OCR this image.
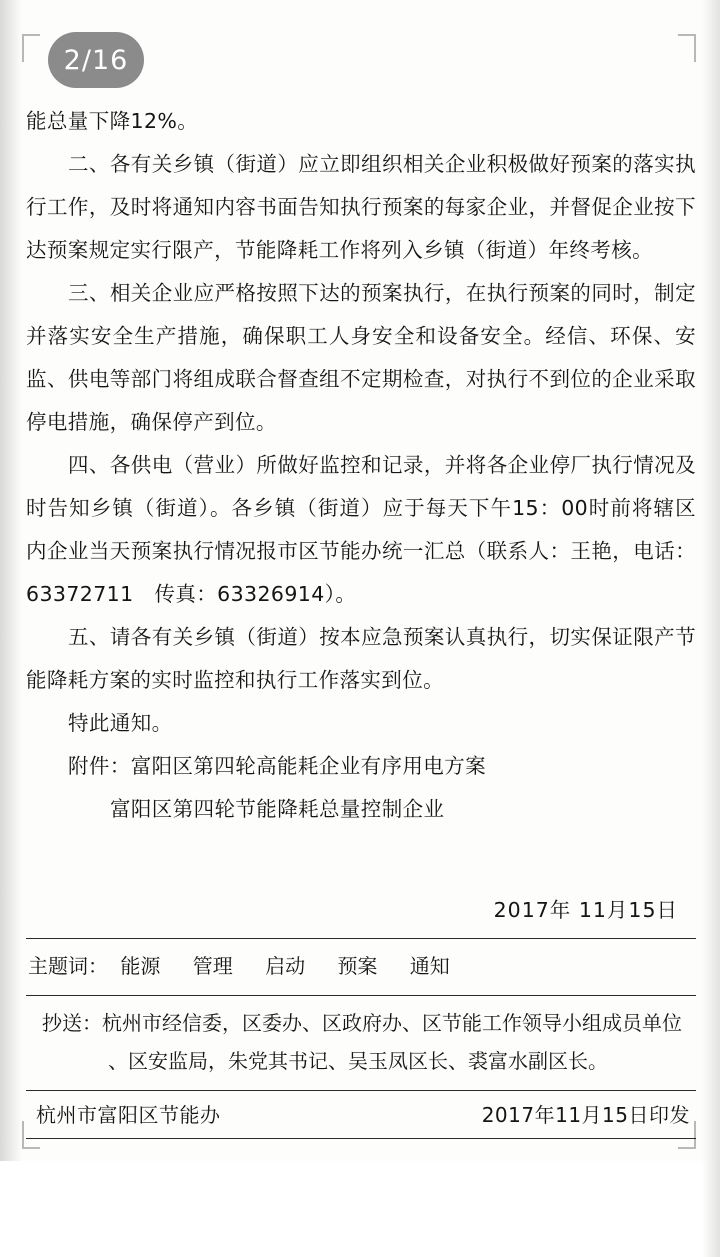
2/16

能总量下降12%。

二、各有关乡镇（街道）应立即组织相关企业积极做好预案的落实执行工作，及时将通知内容书面告知执行预案的每家企业，并督促企业按下达预案规定实行限产，节能降耗工作将列入乡镇（街道）年终考核。

三、相关企业应严格按照下达的预案执行，在执行预案的同时，制定并落实安全生产措施，确保职工人身安全和设备安全。经信、环保、安监、供电等部门将组成联合督查组不定期检查，对执行不到位的企业采取停电措施，确保停产到位。

四、各供电（营业）所做好监控和记录，并将各企业停厂执行情况及时告知乡镇（街道）。各乡镇（街道）应于每天下午15：00时前将辖区内企业当天预案执行情况报市区节能办统一汇总（联系人：王艳，电话：63372711　传真：63326914）。

五、请各有关乡镇（街道）按本应急预案认真执行，切实保证限产节能降耗方案的实时监控和执行工作落实到位。

特此通知。

附件：富阳区第四轮高能耗企业有序用电方案

富阳区第四轮节能降耗总量控制企业

2017年 11月15日

主题词： 能源 管理 启动 预案 通知
抄送：杭州市经信委，区委办、区政府办、区节能工作领导小组成员单位
、区安监局，朱党其书记、吴玉凤区长、裘富水副区长。
杭州市富阳区节能办	2017年11月15日印发
